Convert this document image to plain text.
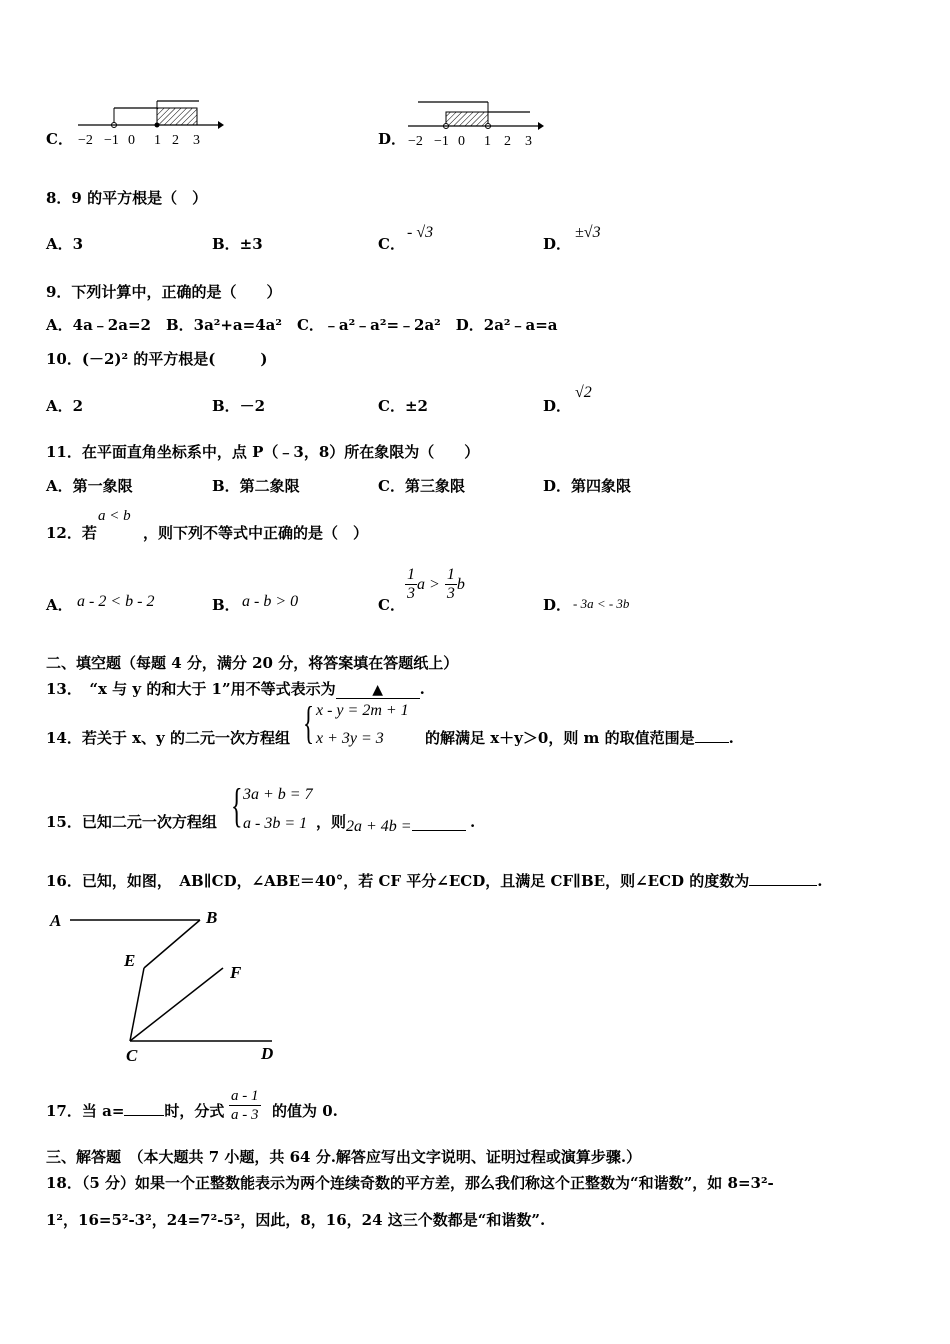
C． −2 −1 0 1 2 3	D． −2 −1 0 1 2 3
8．9 的平方根是（　）
A．3	B．±3	C．
- √3
D．
±√3
9．下列计算中，正确的是（　　）
A．4a﹣2a=2　B．3a²+a=4a²　C．﹣a²﹣a²=﹣2a²　D．2a²﹣a=a
10．(－2)² 的平方根是(　　　)
A．2	B．－2	C．±2	D．
√2
11．在平面直角坐标系中，点 P（﹣3，8）所在象限为（　　）
A．第一象限	B．第二象限	C．第三象限	D．第四象限
12．若
a < b
，则下列不等式中正确的是（　）
A． a - 2 < b - 2	B． a - b > 0	C．
$\frac{1}{3}$ $a > \frac{1}{3}$ b
D． - 3a < - 3b
二、填空题（每题 4 分，满分 20 分，将答案填在答题纸上）
13．　“x 与 y 的和大于 1”用不等式表示为	▲ .
14．若关于 x、y 的二元一次方程组 { x - y = 2m + 1
x + 3y = 3	的解满足 x＋y＞0，则 m 的取值范围是 .
15．已知二元一次方程组 { 3a + b = 7
a - 3b = 1 ，则 2a + 4b =	.
16．已知，如图，　AB∥CD，∠ABE＝40°，若 CF 平分∠ECD，且满足 CF∥BE，则∠ECD 的度数为	.
A	B
E
F
C	D
17．当 a=	时，分式 $\frac{a - 1}{a - 3}$ 的值为 0.
三、解答题　（本大题共 7 小题，共 64 分.解答应写出文字说明、证明过程或演算步骤.）
18．（5 分）如果一个正整数能表示为两个连续奇数的平方差，那么我们称这个正整数为“和谐数”，如 8=3²-
1²，16=5²-3²，24=7²-5²，因此，8，16，24 这三个数都是“和谐数”.
